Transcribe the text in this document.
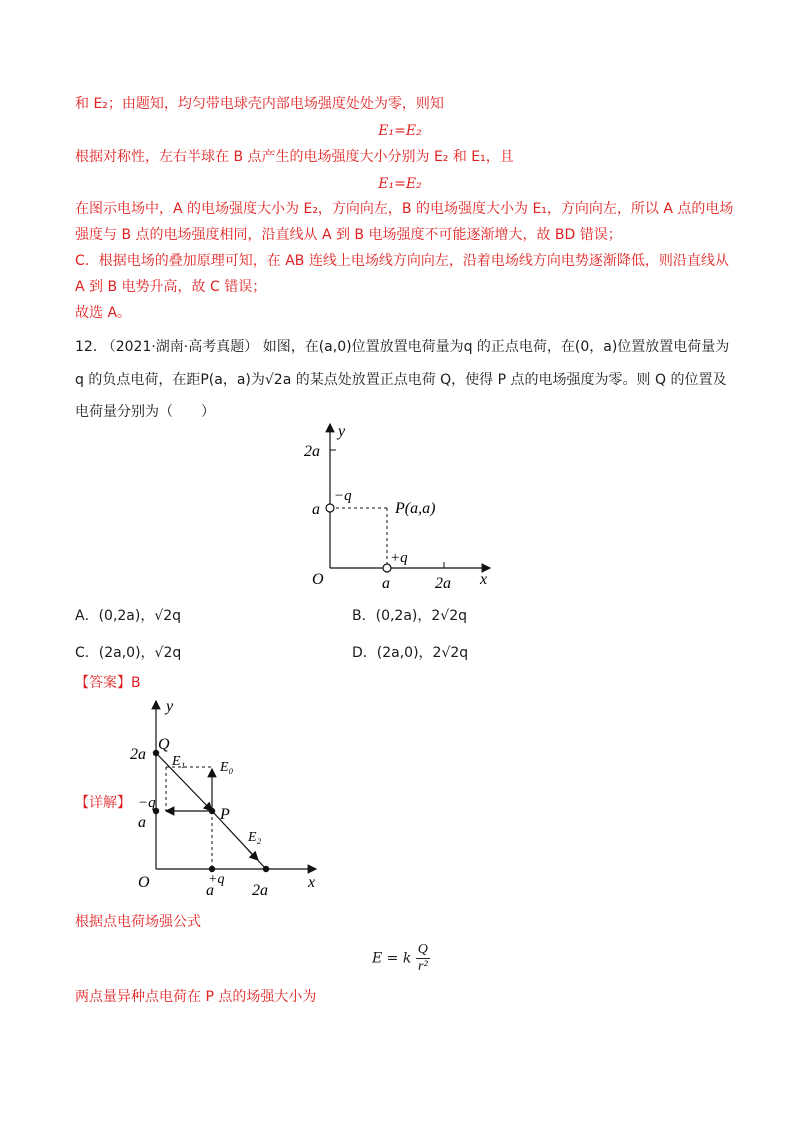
和 E₂；由题知，均匀带电球壳内部电场强度处处为零，则知
E₁=E₂
根据对称性，左右半球在 B 点产生的电场强度大小分别为 E₂ 和 E₁，且
E₁=E₂
在图示电场中，A 的电场强度大小为 E₂，方向向左，B 的电场强度大小为 E₁，方向向左，所以 A 点的电场
强度与 B 点的电场强度相同，沿直线从 A 到 B 电场强度不可能逐渐增大，故 BD 错误；
C．根据电场的叠加原理可知，在 AB 连线上电场线方向向左，沿着电场线方向电势逐渐降低，则沿直线从
A 到 B 电势升高，故 C 错误；
故选 A。
12. （2021·湖南·高考真题） 如图，在(a,0)位置放置电荷量为q 的正点电荷，在(0，a)位置放置电荷量为
q 的负点电荷，在距P(a，a)为√2a 的某点处放置正点电荷 Q，使得 P 点的电场强度为零。则 Q 的位置及
电荷量分别为（　　）
y
x
O
2a
a
a	2a
−q
+q
P(a,a)
A．(0,2a)，√2q	B．(0,2a)，2√2q
C．(2a,0)，√2q	D．(2a,0)，2√2q
【答案】B
【详解】
y
x
O
2a
Q
E₁ E₀
P
E₂
−q
a
a
+q
2a
根据点电荷场强公式
E = k $\frac{Q}{\text{r²}}$
两点量异种点电荷在 P 点的场强大小为
